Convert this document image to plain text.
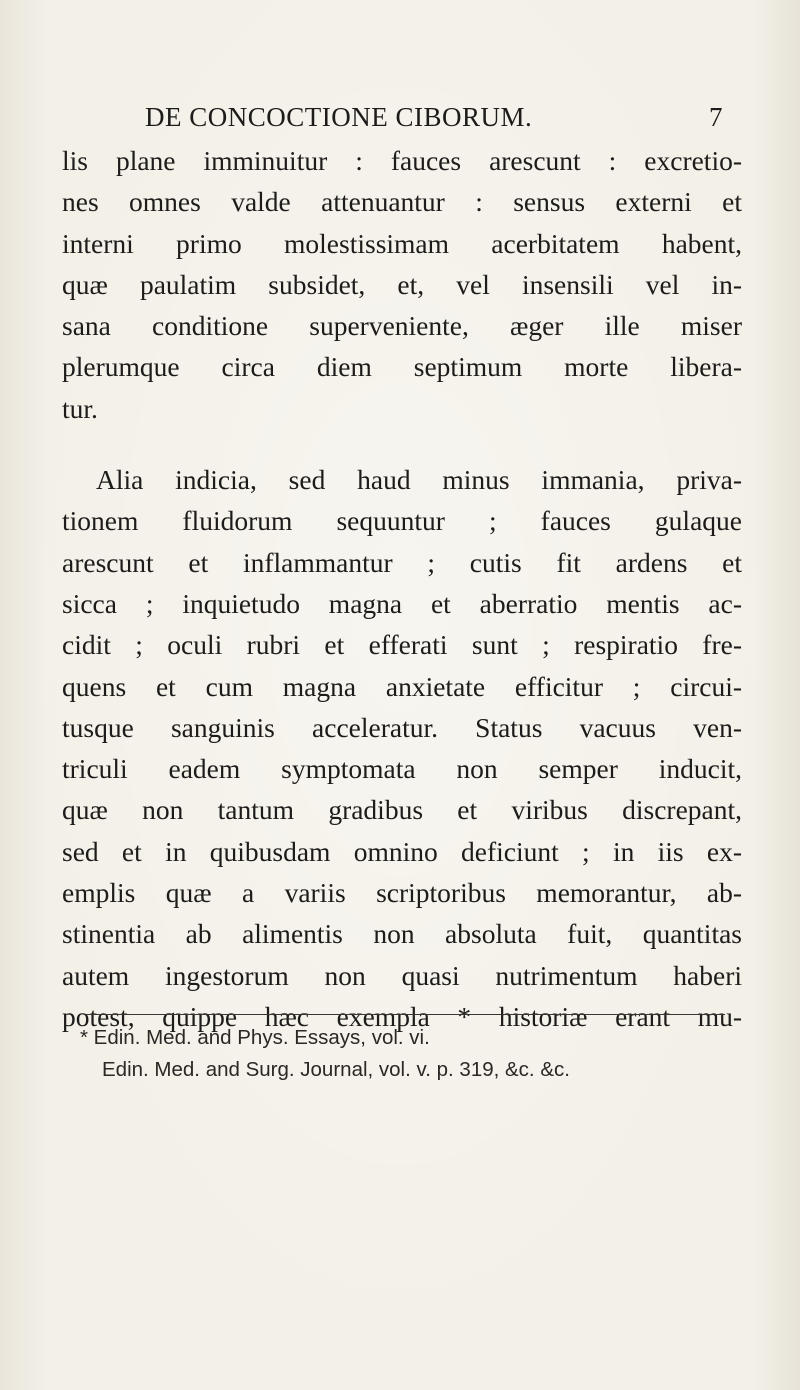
DE CONCOCTIONE CIBORUM.	7
lis plane imminuitur : fauces arescunt : excretio-
nes omnes valde attenuantur : sensus externi et
interni primo molestissimam acerbitatem habent,
quæ paulatim subsidet, et, vel insensili vel in-
sana conditione superveniente, æger ille miser
plerumque circa diem septimum morte libera-
tur.
Alia indicia, sed haud minus immania, priva-
tionem fluidorum sequuntur ; fauces gulaque
arescunt et inflammantur ; cutis fit ardens et
sicca ; inquietudo magna et aberratio mentis ac-
cidit ; oculi rubri et efferati sunt ; respiratio fre-
quens et cum magna anxietate efficitur ; circui-
tusque sanguinis acceleratur. Status vacuus ven-
triculi eadem symptomata non semper inducit,
quæ non tantum gradibus et viribus discrepant,
sed et in quibusdam omnino deficiunt ; in iis ex-
emplis quæ a variis scriptoribus memorantur, ab-
stinentia ab alimentis non absoluta fuit, quantitas
autem ingestorum non quasi nutrimentum haberi
potest, quippe hæc exempla * historiæ erant mu-
* Edin. Med. and Phys. Essays, vol. vi.
Edin. Med. and Surg. Journal, vol. v. p. 319, &c. &c.
